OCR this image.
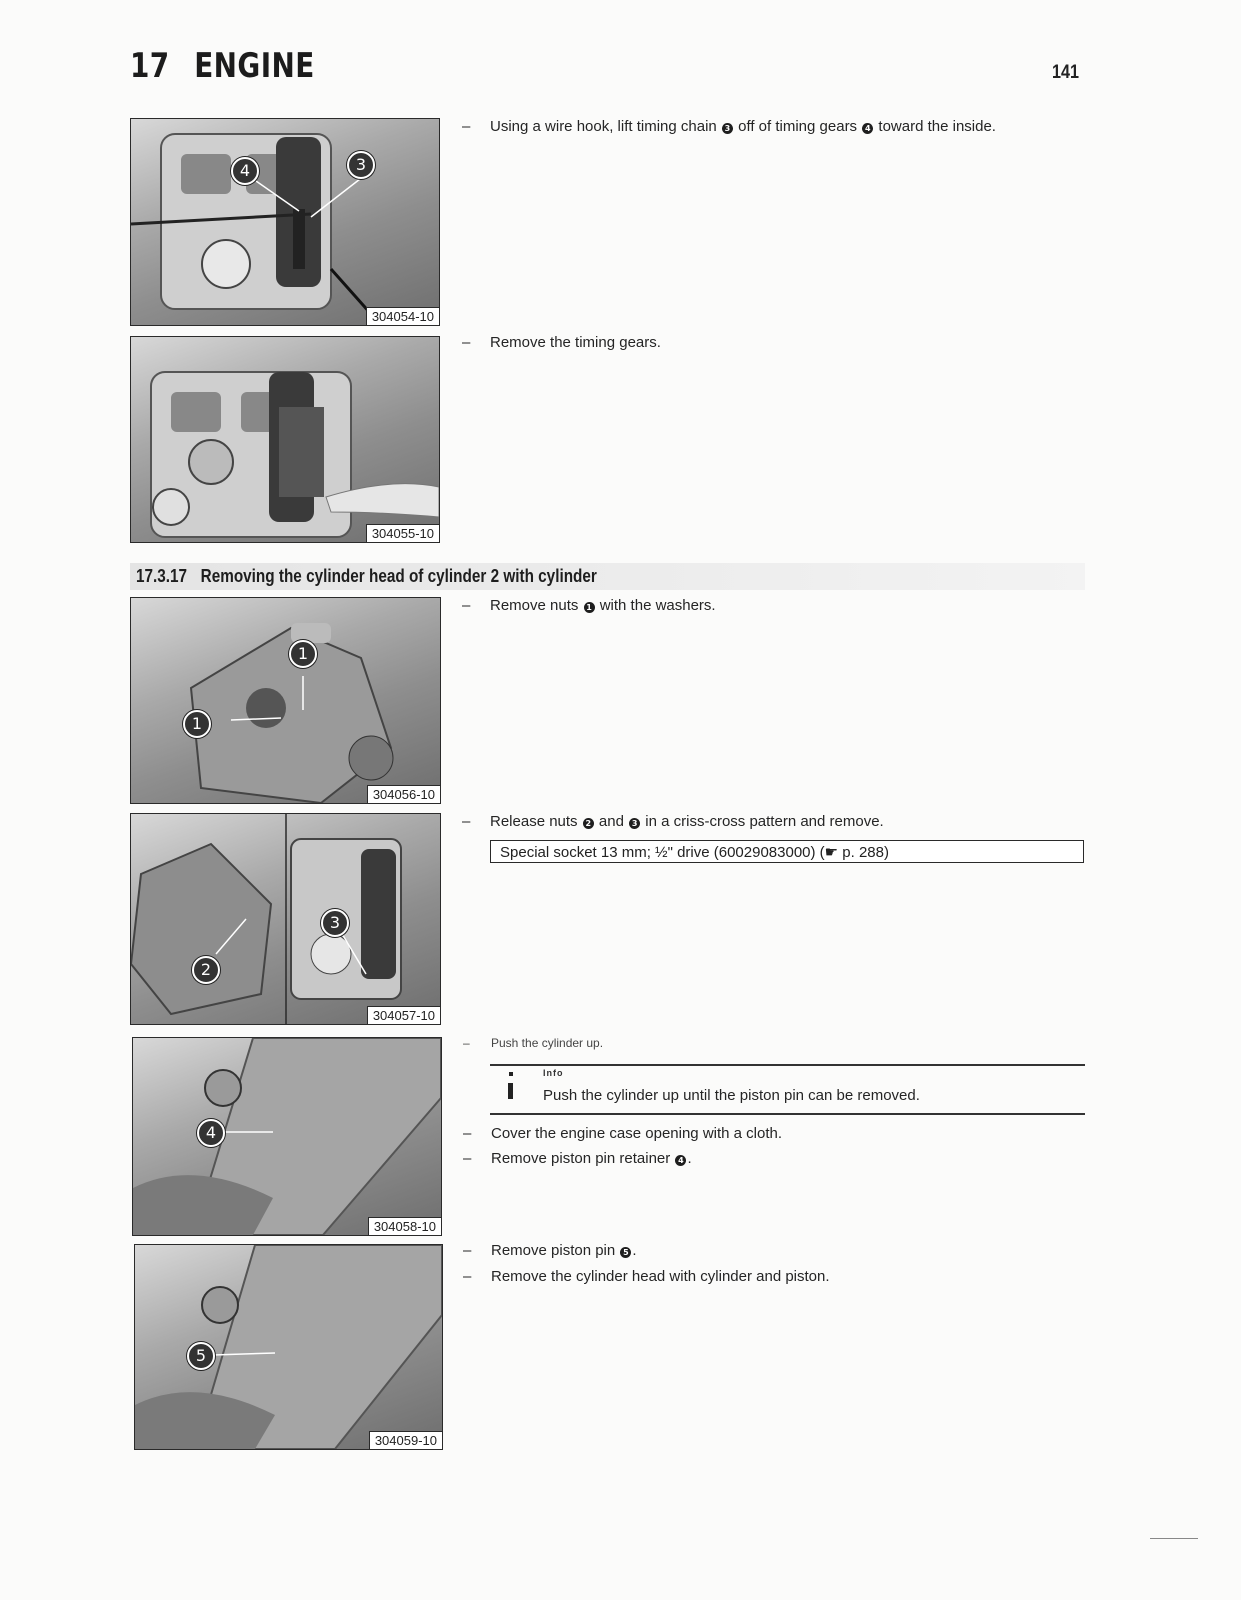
17 ENGINE	141
4	3
304054-10
304055-10
– Using a wire hook, lift timing chain 3 off of timing gears 4 toward the inside.
– Remove the timing gears.
17.3.17 Removing the cylinder head of cylinder 2 with cylinder
1
1
304056-10
2
3
304057-10
4
304058-10
5
304059-10
– Remove nuts 1 with the washers.
– Release nuts 2 and 3 in a criss-cross pattern and remove.
Special socket 13 mm; ½" drive (60029083000) (☛ p. 288)
– Push the cylinder up.
Info
Push the cylinder up until the piston pin can be removed.
– Cover the engine case opening with a cloth.
– Remove piston pin retainer 4 .
– Remove piston pin 5 .
– Remove the cylinder head with cylinder and piston.
